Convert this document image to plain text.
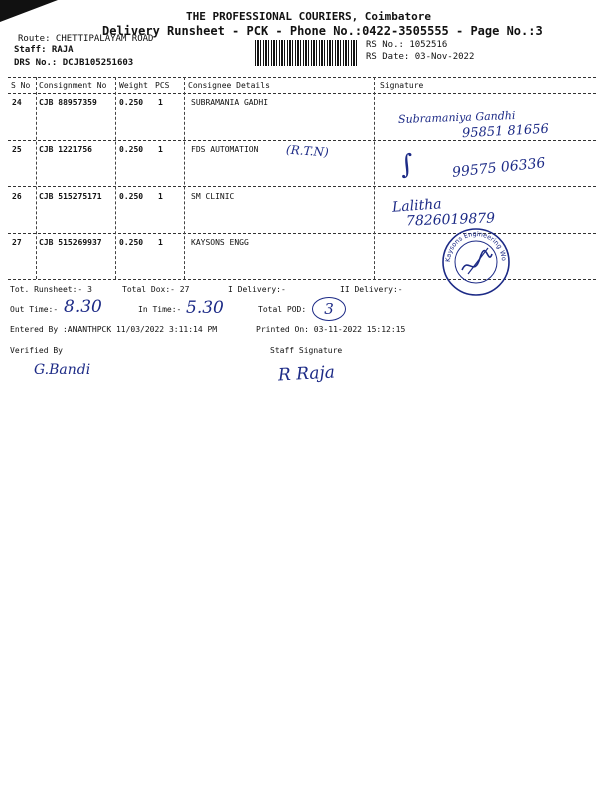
THE PROFESSIONAL COURIERS, Coimbatore
Delivery Runsheet - PCK - Phone No.:0422-3505555 - Page No.:3
Route: CHETTIPALAYAM ROAD
Staff: RAJA
DRS No.: DCJB105251603
RS No.: 1052516
RS Date: 03-Nov-2022
S No Consignment No Weight PCS Consignee Details	Signature
24 CJB 88957359	0.250 1	SUBRAMANIA GADHI
Subramaniya Gandhi
95851 81656
25 CJB 1221756	0.250 1	FDS AUTOMATION (R.T.N)	∫	99575 06336
26 CJB 515275171 0.250 1	SM CLINIC	Lalitha
7826019879
27 CJB 515269937 0.250 1	KAYSONS ENGG
Kaysons Engineering Wo
Tot. Runsheet:- 3	Total Dox:- 27	I Delivery:-	II Delivery:-
Out Time:- 8.30	In Time:- 5.30	Total POD:	3
Entered By :ANANTHPCK 11/03/2022 3:11:14 PM	Printed On: 03-11-2022 15:12:15
Verified By	Staff Signature
G.Bandi	R Raja
